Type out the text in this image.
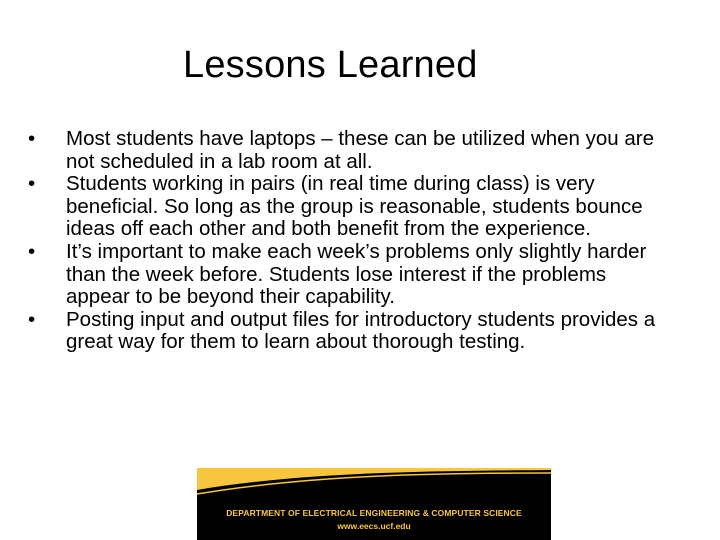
Lessons Learned
•	Most students have laptops – these can be utilized when you are not scheduled in a lab room at all.
•	Students working in pairs (in real time during class) is very beneficial. So long as the group is reasonable, students bounce ideas off each other and both benefit from the experience.
•	It’s important to make each week’s problems only slightly harder than the week before. Students lose interest if the problems appear to be beyond their capability.
•	Posting input and output files for introductory students provides a great way for them to learn about thorough testing.
DEPARTMENT OF ELECTRICAL ENGINEERING & COMPUTER SCIENCE
www.eecs.ucf.edu
